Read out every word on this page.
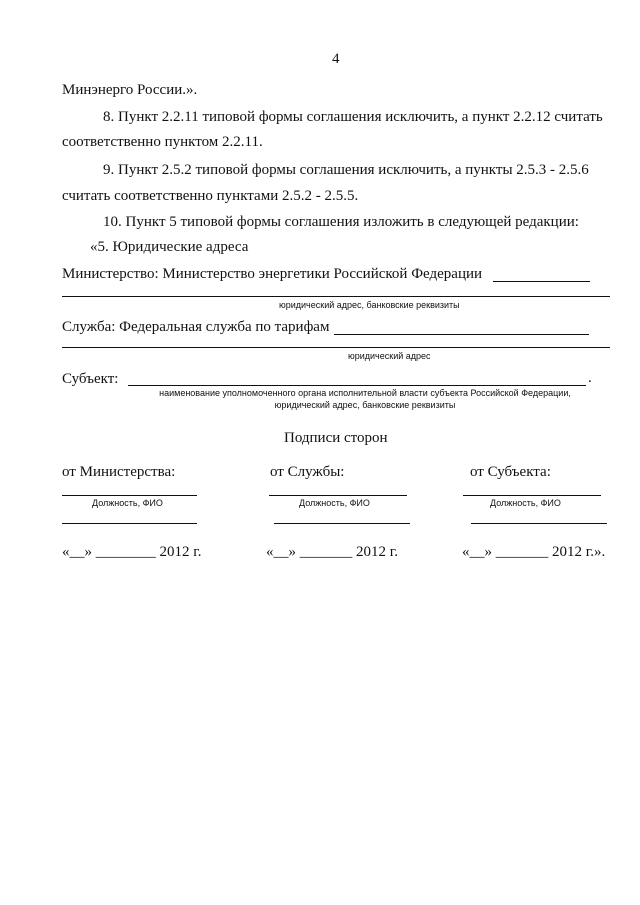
4
Минэнерго России.».
8. Пункт 2.2.11 типовой формы соглашения исключить, а пункт 2.2.12 считать
соответственно пунктом 2.2.11.
9. Пункт 2.5.2 типовой формы соглашения исключить, а пункты 2.5.3 - 2.5.6
считать соответственно пунктами 2.5.2 - 2.5.5.
10. Пункт 5 типовой формы соглашения изложить в следующей редакции:
«5. Юридические адреса
Министерство: Министерство энергетики Российской Федерации
юридический адрес, банковские реквизиты
Служба: Федеральная служба по тарифам
юридический адрес
Субъект:	.
наименование уполномоченного органа исполнительной власти субъекта Российской Федерации,
юридический адрес, банковские реквизиты
Подписи сторон
от Министерства:
Должность, ФИО
«__» ________ 2012 г.
от Службы:
Должность, ФИО
«__» _______ 2012 г.
от Субъекта:
Должность, ФИО
«__» _______ 2012 г.».
